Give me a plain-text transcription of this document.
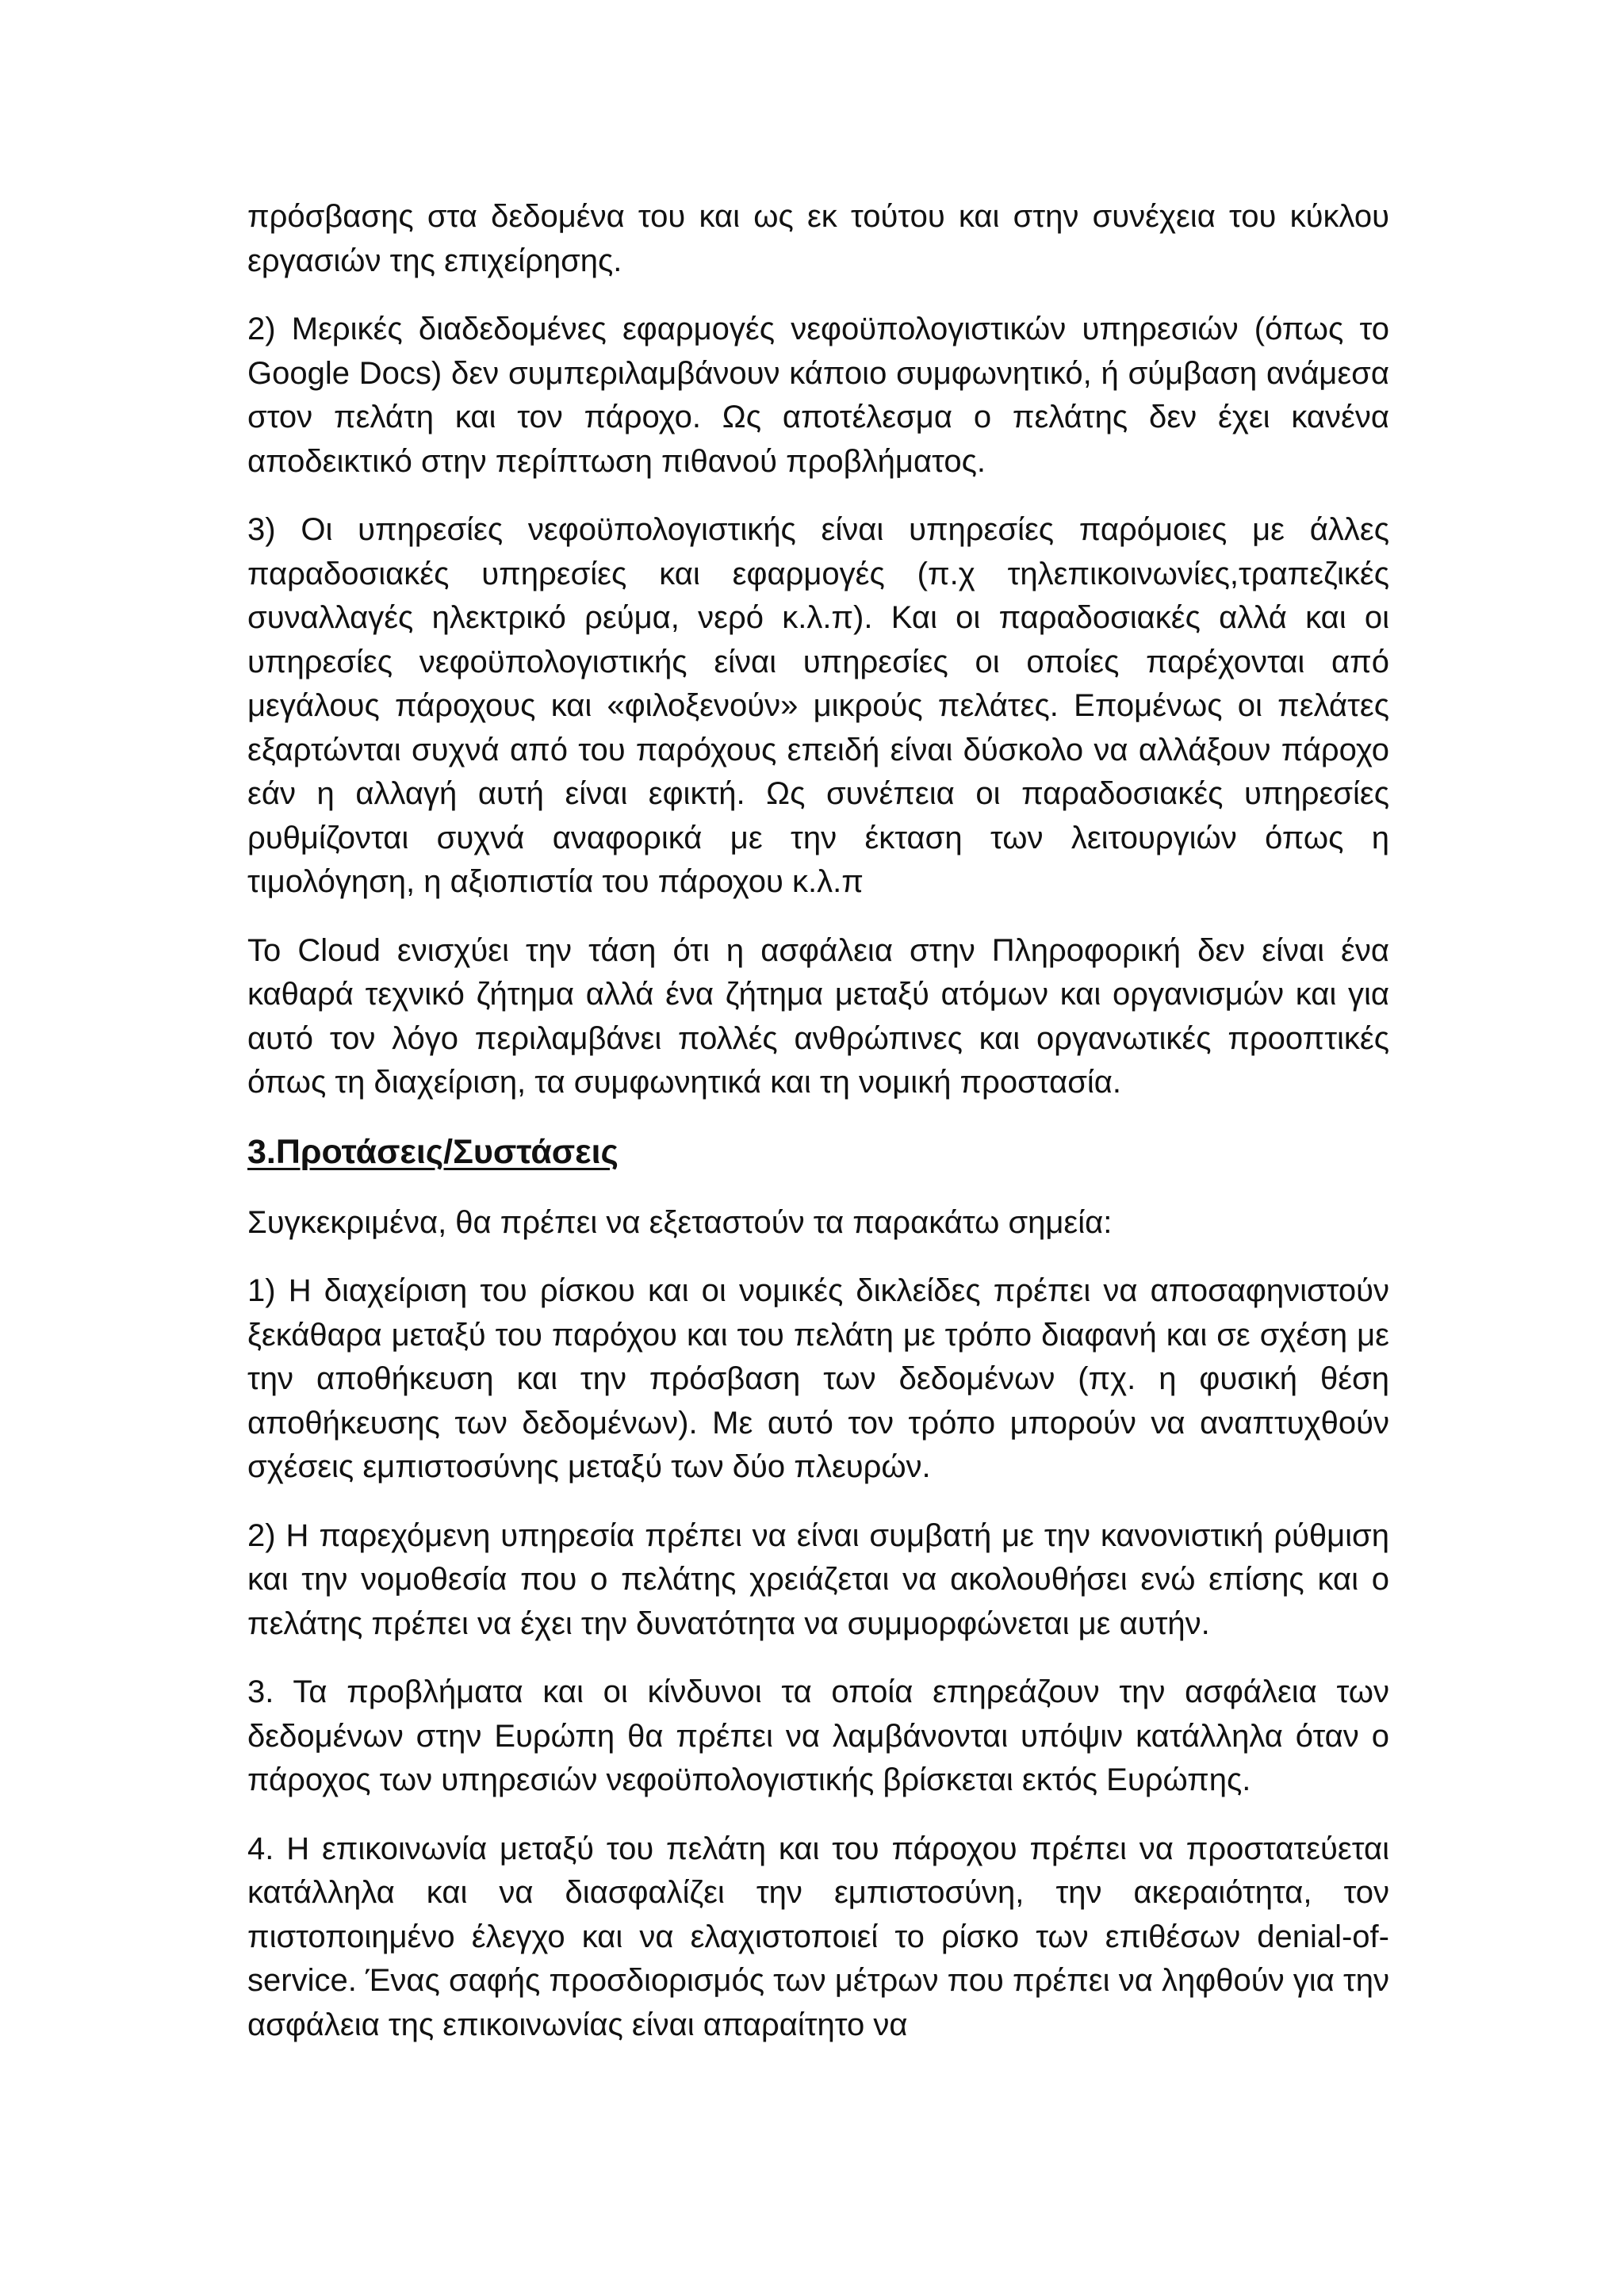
πρόσβασης στα δεδομένα του και ως εκ τούτου και στην συνέχεια του κύκλου εργασιών της επιχείρησης.

2) Μερικές διαδεδομένες εφαρμογές νεφοϋπολογιστικών υπηρεσιών (όπως το Google Docs) δεν συμπεριλαμβάνουν κάποιο συμφωνητικό, ή σύμβαση ανάμεσα στον πελάτη και τον πάροχο. Ως αποτέλεσμα ο πελάτης δεν έχει κανένα αποδεικτικό στην περίπτωση πιθανού προβλήματος.

3) Οι υπηρεσίες νεφοϋπολογιστικής είναι υπηρεσίες παρόμοιες με άλλες παραδοσιακές υπηρεσίες και εφαρμογές (π.χ τηλεπικοινωνίες,τραπεζικές συναλλαγές ηλεκτρικό ρεύμα, νερό κ.λ.π). Και οι παραδοσιακές αλλά και οι υπηρεσίες νεφοϋπολογιστικής είναι υπηρεσίες οι οποίες παρέχονται από μεγάλους πάροχους και «φιλοξενούν» μικρούς πελάτες. Επομένως οι πελάτες εξαρτώνται συχνά από του παρόχους επειδή είναι δύσκολο να αλλάξουν πάροχο εάν η αλλαγή αυτή είναι εφικτή. Ως συνέπεια οι παραδοσιακές υπηρεσίες ρυθμίζονται συχνά αναφορικά με την έκταση των λειτουργιών όπως η τιμολόγηση, η αξιοπιστία του πάροχου κ.λ.π

Το Cloud ενισχύει την τάση ότι η ασφάλεια στην Πληροφορική δεν είναι ένα καθαρά τεχνικό ζήτημα αλλά ένα ζήτημα μεταξύ ατόμων και οργανισμών και για αυτό τον λόγο περιλαμβάνει πολλές ανθρώπινες και οργανωτικές προοπτικές όπως τη διαχείριση, τα συμφωνητικά και τη νομική προστασία.

3.Προτάσεις/Συστάσεις

Συγκεκριμένα, θα πρέπει να εξεταστούν τα παρακάτω σημεία:

1) Η διαχείριση του ρίσκου και οι νομικές δικλείδες πρέπει να αποσαφηνιστούν ξεκάθαρα μεταξύ του παρόχου και του πελάτη με τρόπο διαφανή και σε σχέση με την αποθήκευση και την πρόσβαση των δεδομένων (πχ. η φυσική θέση αποθήκευσης των δεδομένων). Με αυτό τον τρόπο μπορούν να αναπτυχθούν σχέσεις εμπιστοσύνης μεταξύ των δύο πλευρών.

2) Η παρεχόμενη υπηρεσία πρέπει να είναι συμβατή με την κανονιστική ρύθμιση και την νομοθεσία που ο πελάτης χρειάζεται να ακολουθήσει ενώ επίσης και ο πελάτης πρέπει να έχει την δυνατότητα να συμμορφώνεται με αυτήν.

3. Τα προβλήματα και οι κίνδυνοι τα οποία επηρεάζουν την ασφάλεια των δεδομένων στην Ευρώπη θα πρέπει να λαμβάνονται υπόψιν κατάλληλα όταν ο πάροχος των υπηρεσιών νεφοϋπολογιστικής βρίσκεται εκτός Ευρώπης.

4. Η επικοινωνία μεταξύ του πελάτη και του πάροχου πρέπει να προστατεύεται κατάλληλα και να διασφαλίζει την εμπιστοσύνη, την ακεραιότητα, τον πιστοποιημένο έλεγχο και να ελαχιστοποιεί το ρίσκο των επιθέσων denial-of-service. Ένας σαφής προσδιορισμός των μέτρων που πρέπει να ληφθούν για την ασφάλεια της επικοινωνίας είναι απαραίτητο να
